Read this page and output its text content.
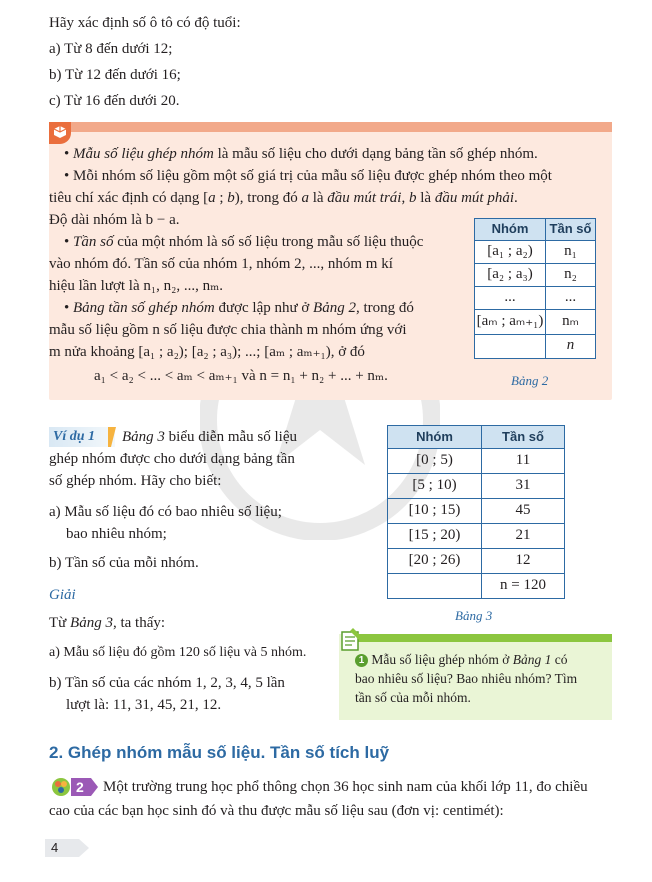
Hãy xác định số ô tô có độ tuổi:
a) Từ 8 đến dưới 12;
b) Từ 12 đến dưới 16;
c) Từ 16 đến dưới 20.
• Mẫu số liệu ghép nhóm là mẫu số liệu cho dưới dạng bảng tần số ghép nhóm.
• Mỗi nhóm số liệu gồm một số giá trị của mẫu số liệu được ghép nhóm theo một
tiêu chí xác định có dạng [a ; b), trong đó a là đầu mút trái, b là đầu mút phải.
Độ dài nhóm là b − a.
• Tần số của một nhóm là số số liệu trong mẫu số liệu thuộc
vào nhóm đó. Tần số của nhóm 1, nhóm 2, ..., nhóm m kí
hiệu lần lượt là n₁, n₂, ..., nₘ.
• Bảng tần số ghép nhóm được lập như ở Bảng 2, trong đó
mẫu số liệu gồm n số liệu được chia thành m nhóm ứng với
m nửa khoảng [a₁ ; a₂); [a₂ ; a₃); ...; [aₘ ; aₘ₊₁), ở đó
a₁ < a₂ < ... < aₘ < aₘ₊₁ và n = n₁ + n₂ + ... + nₘ.
Nhóm	Tần số
[a₁ ; a₂)	n₁
[a₂ ; a₃)	n₂
...	...
[aₘ ; aₘ₊₁)	nₘ
	n
Bảng 2
Ví dụ 1	Bảng 3 biểu diễn mẫu số liệu
ghép nhóm được cho dưới dạng bảng tần
số ghép nhóm. Hãy cho biết:
a) Mẫu số liệu đó có bao nhiêu số liệu;
bao nhiêu nhóm;
b) Tần số của mỗi nhóm.
Giải
Từ Bảng 3, ta thấy:
a) Mẫu số liệu đó gồm 120 số liệu và 5 nhóm.
b) Tần số của các nhóm 1, 2, 3, 4, 5 lần
lượt là: 11, 31, 45, 21, 12.
Nhóm	Tần số
[0 ; 5)	11
[5 ; 10)	31
[10 ; 15)	45
[15 ; 20)	21
[20 ; 26)	12
	n = 120
Bảng 3
1 Mẫu số liệu ghép nhóm ở Bảng 1 có
bao nhiêu số liệu? Bao nhiêu nhóm? Tìm
tần số của mỗi nhóm.
2. Ghép nhóm mẫu số liệu. Tần số tích luỹ
2	Một trường trung học phổ thông chọn 36 học sinh nam của khối lớp 11, đo chiều
cao của các bạn học sinh đó và thu được mẫu số liệu sau (đơn vị: centimét):
4
